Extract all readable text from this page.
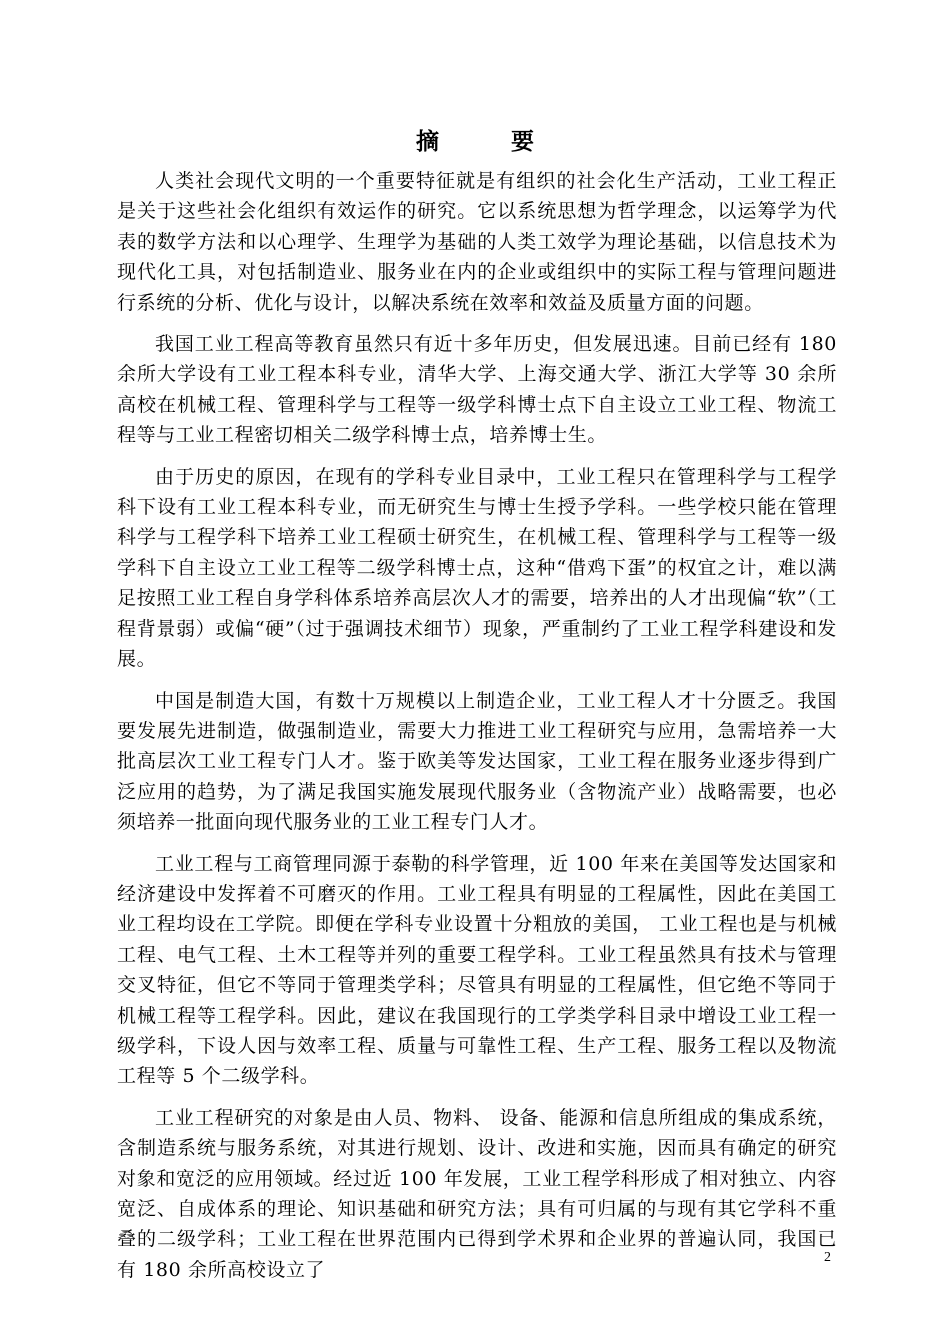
摘 要

人类社会现代文明的一个重要特征就是有组织的社会化生产活动，工业工程正是关于这些社会化组织有效运作的研究。它以系统思想为哲学理念，以运筹学为代表的数学方法和以心理学、生理学为基础的人类工效学为理论基础，以信息技术为现代化工具，对包括制造业、服务业在内的企业或组织中的实际工程与管理问题进行系统的分析、优化与设计，以解决系统在效率和效益及质量方面的问题。

我国工业工程高等教育虽然只有近十多年历史，但发展迅速。目前已经有 180 余所大学设有工业工程本科专业，清华大学、上海交通大学、浙江大学等 30 余所高校在机械工程、管理科学与工程等一级学科博士点下自主设立工业工程、物流工程等与工业工程密切相关二级学科博士点，培养博士生。

由于历史的原因，在现有的学科专业目录中，工业工程只在管理科学与工程学科下设有工业工程本科专业，而无研究生与博士生授予学科。一些学校只能在管理科学与工程学科下培养工业工程硕士研究生，在机械工程、管理科学与工程等一级学科下自主设立工业工程等二级学科博士点，这种“借鸡下蛋”的权宜之计，难以满足按照工业工程自身学科体系培养高层次人才的需要，培养出的人才出现偏“软”（工程背景弱）或偏“硬”（过于强调技术细节）现象，严重制约了工业工程学科建设和发展。

中国是制造大国，有数十万规模以上制造企业，工业工程人才十分匮乏。我国要发展先进制造，做强制造业，需要大力推进工业工程研究与应用，急需培养一大批高层次工业工程专门人才。鉴于欧美等发达国家，工业工程在服务业逐步得到广泛应用的趋势，为了满足我国实施发展现代服务业（含物流产业）战略需要，也必须培养一批面向现代服务业的工业工程专门人才。

工业工程与工商管理同源于泰勒的科学管理，近 100 年来在美国等发达国家和经济建设中发挥着不可磨灭的作用。工业工程具有明显的工程属性，因此在美国工业工程均设在工学院。即便在学科专业设置十分粗放的美国， 工业工程也是与机械工程、电气工程、土木工程等并列的重要工程学科。工业工程虽然具有技术与管理交叉特征，但它不等同于管理类学科；尽管具有明显的工程属性，但它绝不等同于机械工程等工程学科。因此，建议在我国现行的工学类学科目录中增设工业工程一级学科，下设人因与效率工程、质量与可靠性工程、生产工程、服务工程以及物流工程等 5 个二级学科。

工业工程研究的对象是由人员、物料、 设备、能源和信息所组成的集成系统，含制造系统与服务系统，对其进行规划、设计、改进和实施，因而具有确定的研究对象和宽泛的应用领域。经过近 100 年发展，工业工程学科形成了相对独立、内容宽泛、自成体系的理论、知识基础和研究方法；具有可归属的与现有其它学科不重叠的二级学科；工业工程在世界范围内已得到学术界和企业界的普遍认同，我国已有 180 余所高校设立了

2
